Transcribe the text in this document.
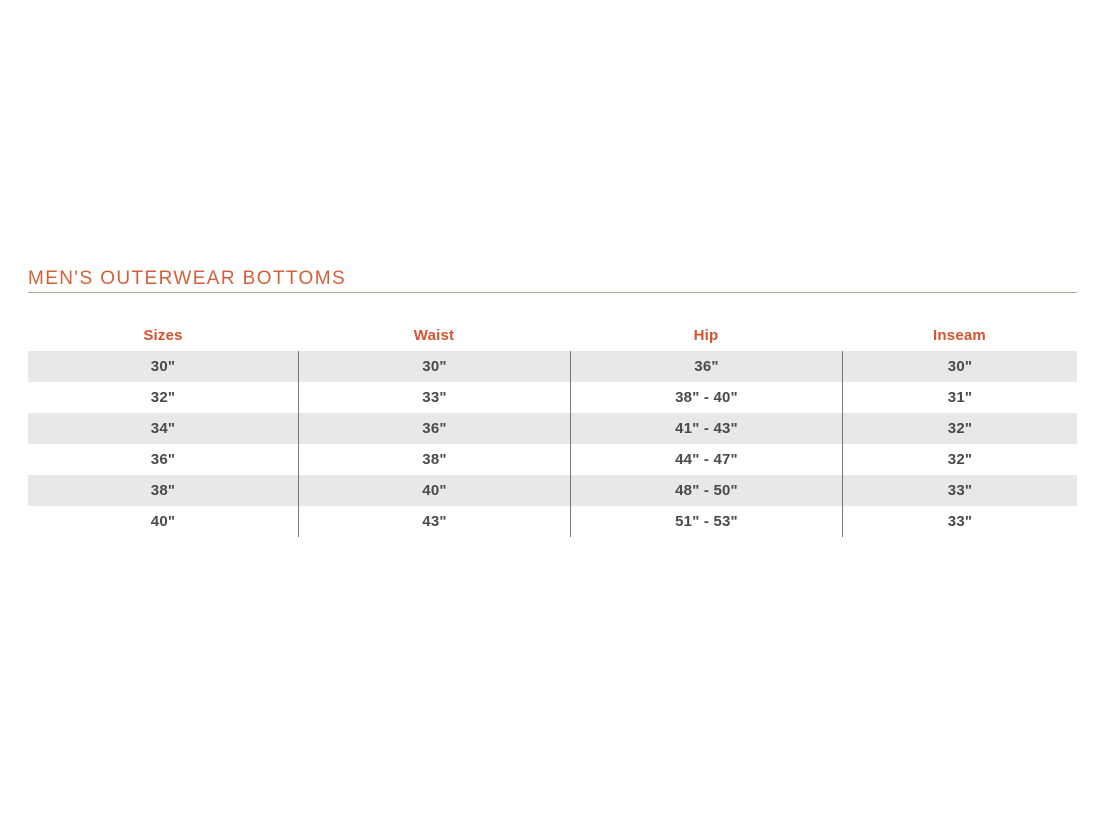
MEN'S OUTERWEAR BOTTOMS
Sizes	Waist	Hip	Inseam
30"	30"	36"	30"
32"	33"	38" - 40"	31"
34"	36"	41" - 43"	32"
36"	38"	44" - 47"	32"
38"	40"	48" - 50"	33"
40"	43"	51" - 53"	33"
